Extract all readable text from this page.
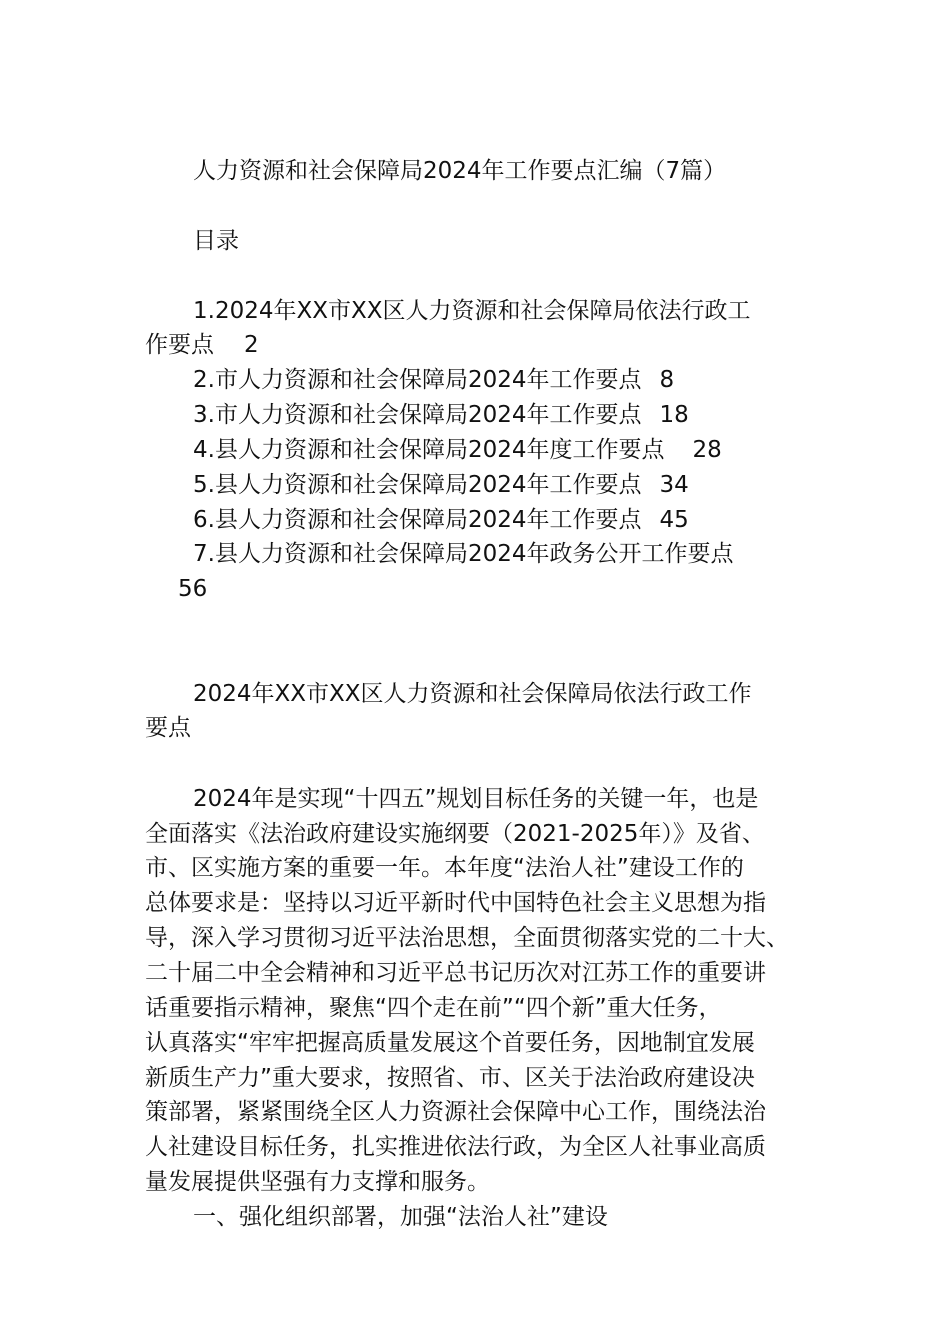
人力资源和社会保障局2024年工作要点汇编（7篇）

目录

1.2024年XX市XX区人力资源和社会保障局依法行政工

作要点 2

2.市人力资源和社会保障局2024年工作要点 8

3.市人力资源和社会保障局2024年工作要点 18

4.县人力资源和社会保障局2024年度工作要点 28

5.县人力资源和社会保障局2024年工作要点 34

6.县人力资源和社会保障局2024年工作要点 45

7.县人力资源和社会保障局2024年政务公开工作要点

56

2024年XX市XX区人力资源和社会保障局依法行政工作

要点

2024年是实现“十四五”规划目标任务的关键一年，也是

全面落实《法治政府建设实施纲要（2021-2025年）》及省、

市、区实施方案的重要一年。本年度“法治人社”建设工作的

总体要求是：坚持以习近平新时代中国特色社会主义思想为指

导，深入学习贯彻习近平法治思想，全面贯彻落实党的二十大、

二十届二中全会精神和习近平总书记历次对江苏工作的重要讲

话重要指示精神，聚焦“四个走在前”“四个新”重大任务，

认真落实“牢牢把握高质量发展这个首要任务，因地制宜发展

新质生产力”重大要求，按照省、市、区关于法治政府建设决

策部署，紧紧围绕全区人力资源社会保障中心工作，围绕法治

人社建设目标任务，扎实推进依法行政，为全区人社事业高质

量发展提供坚强有力支撑和服务。

一、强化组织部署，加强“法治人社”建设
